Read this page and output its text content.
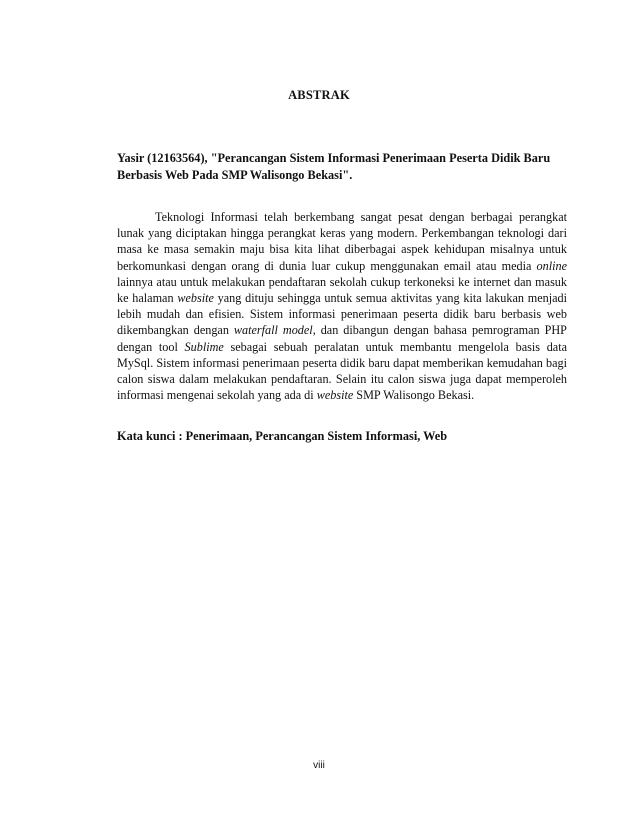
ABSTRAK
Yasir (12163564), "Perancangan Sistem Informasi Penerimaan Peserta Didik Baru Berbasis Web Pada SMP Walisongo Bekasi".
Teknologi Informasi telah berkembang sangat pesat dengan berbagai perangkat lunak yang diciptakan hingga perangkat keras yang modern. Perkembangan teknologi dari masa ke masa semakin maju bisa kita lihat diberbagai aspek kehidupan misalnya untuk berkomunkasi dengan orang di dunia luar cukup menggunakan email atau media online lainnya atau untuk melakukan pendaftaran sekolah cukup terkoneksi ke internet dan masuk ke halaman website yang dituju sehingga untuk semua aktivitas yang kita lakukan menjadi lebih mudah dan efisien. Sistem informasi penerimaan peserta didik baru berbasis web dikembangkan dengan waterfall model, dan dibangun dengan bahasa pemrograman PHP dengan tool Sublime sebagai sebuah peralatan untuk membantu mengelola basis data MySql. Sistem informasi penerimaan peserta didik baru dapat memberikan kemudahan bagi calon siswa dalam melakukan pendaftaran. Selain itu calon siswa juga dapat memperoleh informasi mengenai sekolah yang ada di website SMP Walisongo Bekasi.
Kata kunci : Penerimaan, Perancangan Sistem Informasi, Web
viii
